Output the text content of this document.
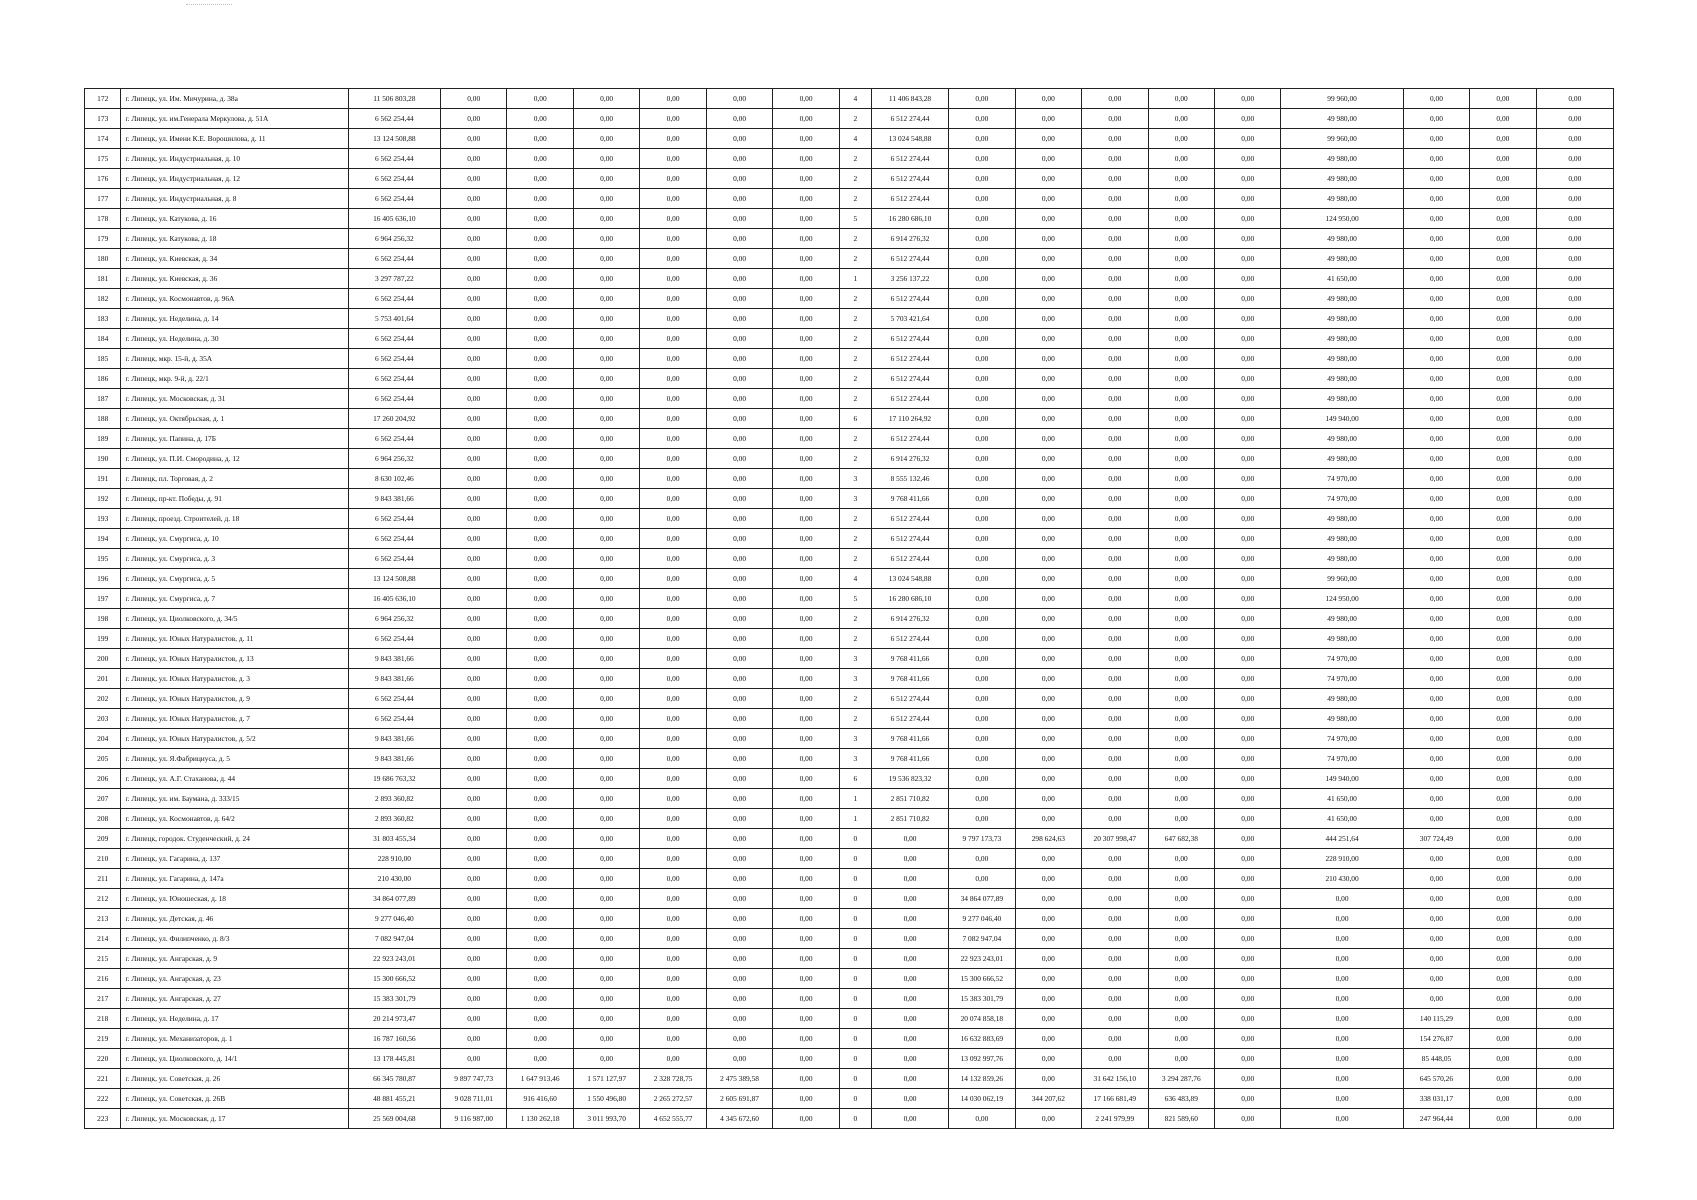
172	г. Липецк, ул. Им. Мичурина, д. 38а	11 506 803,28	0,00	0,00	0,00	0,00	0,00	0,00	4	11 406 843,28	0,00	0,00	0,00	0,00	0,00	99 960,00	0,00	0,00	0,00
173	г. Липецк, ул. им.Генерала Меркулова, д. 51А	6 562 254,44	0,00	0,00	0,00	0,00	0,00	0,00	2	6 512 274,44	0,00	0,00	0,00	0,00	0,00	49 980,00	0,00	0,00	0,00
174	г. Липецк, ул. Имени К.Е. Ворошилова, д. 11	13 124 508,88	0,00	0,00	0,00	0,00	0,00	0,00	4	13 024 548,88	0,00	0,00	0,00	0,00	0,00	99 960,00	0,00	0,00	0,00
175	г. Липецк, ул. Индустриальная, д. 10	6 562 254,44	0,00	0,00	0,00	0,00	0,00	0,00	2	6 512 274,44	0,00	0,00	0,00	0,00	0,00	49 980,00	0,00	0,00	0,00
176	г. Липецк, ул. Индустриальная, д. 12	6 562 254,44	0,00	0,00	0,00	0,00	0,00	0,00	2	6 512 274,44	0,00	0,00	0,00	0,00	0,00	49 980,00	0,00	0,00	0,00
177	г. Липецк, ул. Индустриальная, д. 8	6 562 254,44	0,00	0,00	0,00	0,00	0,00	0,00	2	6 512 274,44	0,00	0,00	0,00	0,00	0,00	49 980,00	0,00	0,00	0,00
178	г. Липецк, ул. Катукова, д. 16	16 405 636,10	0,00	0,00	0,00	0,00	0,00	0,00	5	16 280 686,10	0,00	0,00	0,00	0,00	0,00	124 950,00	0,00	0,00	0,00
179	г. Липецк, ул. Катукова, д. 18	6 964 256,32	0,00	0,00	0,00	0,00	0,00	0,00	2	6 914 276,32	0,00	0,00	0,00	0,00	0,00	49 980,00	0,00	0,00	0,00
180	г. Липецк, ул. Киевская, д. 34	6 562 254,44	0,00	0,00	0,00	0,00	0,00	0,00	2	6 512 274,44	0,00	0,00	0,00	0,00	0,00	49 980,00	0,00	0,00	0,00
181	г. Липецк, ул. Киевская, д. 36	3 297 787,22	0,00	0,00	0,00	0,00	0,00	0,00	1	3 256 137,22	0,00	0,00	0,00	0,00	0,00	41 650,00	0,00	0,00	0,00
182	г. Липецк, ул. Космонавтов, д. 96А	6 562 254,44	0,00	0,00	0,00	0,00	0,00	0,00	2	6 512 274,44	0,00	0,00	0,00	0,00	0,00	49 980,00	0,00	0,00	0,00
183	г. Липецк, ул. Неделина, д. 14	5 753 401,64	0,00	0,00	0,00	0,00	0,00	0,00	2	5 703 421,64	0,00	0,00	0,00	0,00	0,00	49 980,00	0,00	0,00	0,00
184	г. Липецк, ул. Неделина, д. 30	6 562 254,44	0,00	0,00	0,00	0,00	0,00	0,00	2	6 512 274,44	0,00	0,00	0,00	0,00	0,00	49 980,00	0,00	0,00	0,00
185	г. Липецк, мкр. 15-й, д. 35А	6 562 254,44	0,00	0,00	0,00	0,00	0,00	0,00	2	6 512 274,44	0,00	0,00	0,00	0,00	0,00	49 980,00	0,00	0,00	0,00
186	г. Липецк, мкр. 9-й, д. 22/1	6 562 254,44	0,00	0,00	0,00	0,00	0,00	0,00	2	6 512 274,44	0,00	0,00	0,00	0,00	0,00	49 980,00	0,00	0,00	0,00
187	г. Липецк, ул. Московская, д. 31	6 562 254,44	0,00	0,00	0,00	0,00	0,00	0,00	2	6 512 274,44	0,00	0,00	0,00	0,00	0,00	49 980,00	0,00	0,00	0,00
188	г. Липецк, ул. Октябрьская, д. 1	17 260 204,92	0,00	0,00	0,00	0,00	0,00	0,00	6	17 110 264,92	0,00	0,00	0,00	0,00	0,00	149 940,00	0,00	0,00	0,00
189	г. Липецк, ул. Папина, д. 17Б	6 562 254,44	0,00	0,00	0,00	0,00	0,00	0,00	2	6 512 274,44	0,00	0,00	0,00	0,00	0,00	49 980,00	0,00	0,00	0,00
190	г. Липецк, ул. П.И. Смородина, д. 12	6 964 256,32	0,00	0,00	0,00	0,00	0,00	0,00	2	6 914 276,32	0,00	0,00	0,00	0,00	0,00	49 980,00	0,00	0,00	0,00
191	г. Липецк, пл. Торговая, д. 2	8 630 102,46	0,00	0,00	0,00	0,00	0,00	0,00	3	8 555 132,46	0,00	0,00	0,00	0,00	0,00	74 970,00	0,00	0,00	0,00
192	г. Липецк, пр-кт. Победы, д. 91	9 843 381,66	0,00	0,00	0,00	0,00	0,00	0,00	3	9 768 411,66	0,00	0,00	0,00	0,00	0,00	74 970,00	0,00	0,00	0,00
193	г. Липецк, проезд. Строителей, д. 18	6 562 254,44	0,00	0,00	0,00	0,00	0,00	0,00	2	6 512 274,44	0,00	0,00	0,00	0,00	0,00	49 980,00	0,00	0,00	0,00
194	г. Липецк, ул. Смургиса, д. 10	6 562 254,44	0,00	0,00	0,00	0,00	0,00	0,00	2	6 512 274,44	0,00	0,00	0,00	0,00	0,00	49 980,00	0,00	0,00	0,00
195	г. Липецк, ул. Смургиса, д. 3	6 562 254,44	0,00	0,00	0,00	0,00	0,00	0,00	2	6 512 274,44	0,00	0,00	0,00	0,00	0,00	49 980,00	0,00	0,00	0,00
196	г. Липецк, ул. Смургиса, д. 5	13 124 508,88	0,00	0,00	0,00	0,00	0,00	0,00	4	13 024 548,88	0,00	0,00	0,00	0,00	0,00	99 960,00	0,00	0,00	0,00
197	г. Липецк, ул. Смургиса, д. 7	16 405 636,10	0,00	0,00	0,00	0,00	0,00	0,00	5	16 280 686,10	0,00	0,00	0,00	0,00	0,00	124 950,00	0,00	0,00	0,00
198	г. Липецк, ул. Циолковского, д. 34/5	6 964 256,32	0,00	0,00	0,00	0,00	0,00	0,00	2	6 914 276,32	0,00	0,00	0,00	0,00	0,00	49 980,00	0,00	0,00	0,00
199	г. Липецк, ул. Юных Натуралистов, д. 11	6 562 254,44	0,00	0,00	0,00	0,00	0,00	0,00	2	6 512 274,44	0,00	0,00	0,00	0,00	0,00	49 980,00	0,00	0,00	0,00
200	г. Липецк, ул. Юных Натуралистов, д. 13	9 843 381,66	0,00	0,00	0,00	0,00	0,00	0,00	3	9 768 411,66	0,00	0,00	0,00	0,00	0,00	74 970,00	0,00	0,00	0,00
201	г. Липецк, ул. Юных Натуралистов, д. 3	9 843 381,66	0,00	0,00	0,00	0,00	0,00	0,00	3	9 768 411,66	0,00	0,00	0,00	0,00	0,00	74 970,00	0,00	0,00	0,00
202	г. Липецк, ул. Юных Натуралистов, д. 9	6 562 254,44	0,00	0,00	0,00	0,00	0,00	0,00	2	6 512 274,44	0,00	0,00	0,00	0,00	0,00	49 980,00	0,00	0,00	0,00
203	г. Липецк, ул. Юных Натуралистов, д. 7	6 562 254,44	0,00	0,00	0,00	0,00	0,00	0,00	2	6 512 274,44	0,00	0,00	0,00	0,00	0,00	49 980,00	0,00	0,00	0,00
204	г. Липецк, ул. Юных Натуралистов, д. 5/2	9 843 381,66	0,00	0,00	0,00	0,00	0,00	0,00	3	9 768 411,66	0,00	0,00	0,00	0,00	0,00	74 970,00	0,00	0,00	0,00
205	г. Липецк, ул. Я.Фабрициуса, д. 5	9 843 381,66	0,00	0,00	0,00	0,00	0,00	0,00	3	9 768 411,66	0,00	0,00	0,00	0,00	0,00	74 970,00	0,00	0,00	0,00
206	г. Липецк, ул. А.Г. Стаханова, д. 44	19 686 763,32	0,00	0,00	0,00	0,00	0,00	0,00	6	19 536 823,32	0,00	0,00	0,00	0,00	0,00	149 940,00	0,00	0,00	0,00
207	г. Липецк, ул. им. Баумана, д. 333/15	2 893 360,82	0,00	0,00	0,00	0,00	0,00	0,00	1	2 851 710,82	0,00	0,00	0,00	0,00	0,00	41 650,00	0,00	0,00	0,00
208	г. Липецк, ул. Космонавтов, д. 64/2	2 893 360,82	0,00	0,00	0,00	0,00	0,00	0,00	1	2 851 710,82	0,00	0,00	0,00	0,00	0,00	41 650,00	0,00	0,00	0,00
209	г. Липецк, городок. Студенческий, д. 24	31 803 455,34	0,00	0,00	0,00	0,00	0,00	0,00	0	0,00	9 797 173,73	298 624,63	20 307 998,47	647 682,38	0,00	444 251,64	307 724,49	0,00	0,00
210	г. Липецк, ул. Гагарина, д. 137	228 910,00	0,00	0,00	0,00	0,00	0,00	0,00	0	0,00	0,00	0,00	0,00	0,00	0,00	228 910,00	0,00	0,00	0,00
211	г. Липецк, ул. Гагарина, д. 147а	210 430,00	0,00	0,00	0,00	0,00	0,00	0,00	0	0,00	0,00	0,00	0,00	0,00	0,00	210 430,00	0,00	0,00	0,00
212	г. Липецк, ул. Юношеская, д. 18	34 864 077,89	0,00	0,00	0,00	0,00	0,00	0,00	0	0,00	34 864 077,89	0,00	0,00	0,00	0,00	0,00	0,00	0,00	0,00
213	г. Липецк, ул. Детская, д. 46	9 277 046,40	0,00	0,00	0,00	0,00	0,00	0,00	0	0,00	9 277 046,40	0,00	0,00	0,00	0,00	0,00	0,00	0,00	0,00
214	г. Липецк, ул. Филипченко, д. 8/3	7 082 947,04	0,00	0,00	0,00	0,00	0,00	0,00	0	0,00	7 082 947,04	0,00	0,00	0,00	0,00	0,00	0,00	0,00	0,00
215	г. Липецк, ул. Ангарская, д. 9	22 923 243,01	0,00	0,00	0,00	0,00	0,00	0,00	0	0,00	22 923 243,01	0,00	0,00	0,00	0,00	0,00	0,00	0,00	0,00
216	г. Липецк, ул. Ангарская, д. 23	15 300 666,52	0,00	0,00	0,00	0,00	0,00	0,00	0	0,00	15 300 666,52	0,00	0,00	0,00	0,00	0,00	0,00	0,00	0,00
217	г. Липецк, ул. Ангарская, д. 27	15 383 301,79	0,00	0,00	0,00	0,00	0,00	0,00	0	0,00	15 383 301,79	0,00	0,00	0,00	0,00	0,00	0,00	0,00	0,00
218	г. Липецк, ул. Неделина, д. 17	20 214 973,47	0,00	0,00	0,00	0,00	0,00	0,00	0	0,00	20 074 858,18	0,00	0,00	0,00	0,00	0,00	140 115,29	0,00	0,00
219	г. Липецк, ул. Механизаторов, д. 1	16 787 160,56	0,00	0,00	0,00	0,00	0,00	0,00	0	0,00	16 632 883,69	0,00	0,00	0,00	0,00	0,00	154 276,87	0,00	0,00
220	г. Липецк, ул. Циолковского, д. 14/1	13 178 445,81	0,00	0,00	0,00	0,00	0,00	0,00	0	0,00	13 092 997,76	0,00	0,00	0,00	0,00	0,00	85 448,05	0,00	0,00
221	г. Липецк, ул. Советская, д. 26	66 345 780,87	9 897 747,73	1 647 913,46	1 571 127,97	2 328 728,75	2 475 389,58	0,00	0	0,00	14 132 859,26	0,00	31 642 156,10	3 294 287,76	0,00	0,00	645 570,26	0,00	0,00
222	г. Липецк, ул. Советская, д. 26В	48 881 455,21	9 028 711,01	916 416,60	1 550 496,80	2 265 272,57	2 605 691,87	0,00	0	0,00	14 030 062,19	344 207,62	17 166 681,49	636 483,89	0,00	0,00	338 031,17	0,00	0,00
223	г. Липецк, ул. Московская, д. 17	25 569 004,68	9 116 987,00	1 130 262,18	3 011 993,70	4 652 555,77	4 345 672,60	0,00	0	0,00	0,00	0,00	2 241 979,99	821 589,60	0,00	0,00	247 964,44	0,00	0,00
